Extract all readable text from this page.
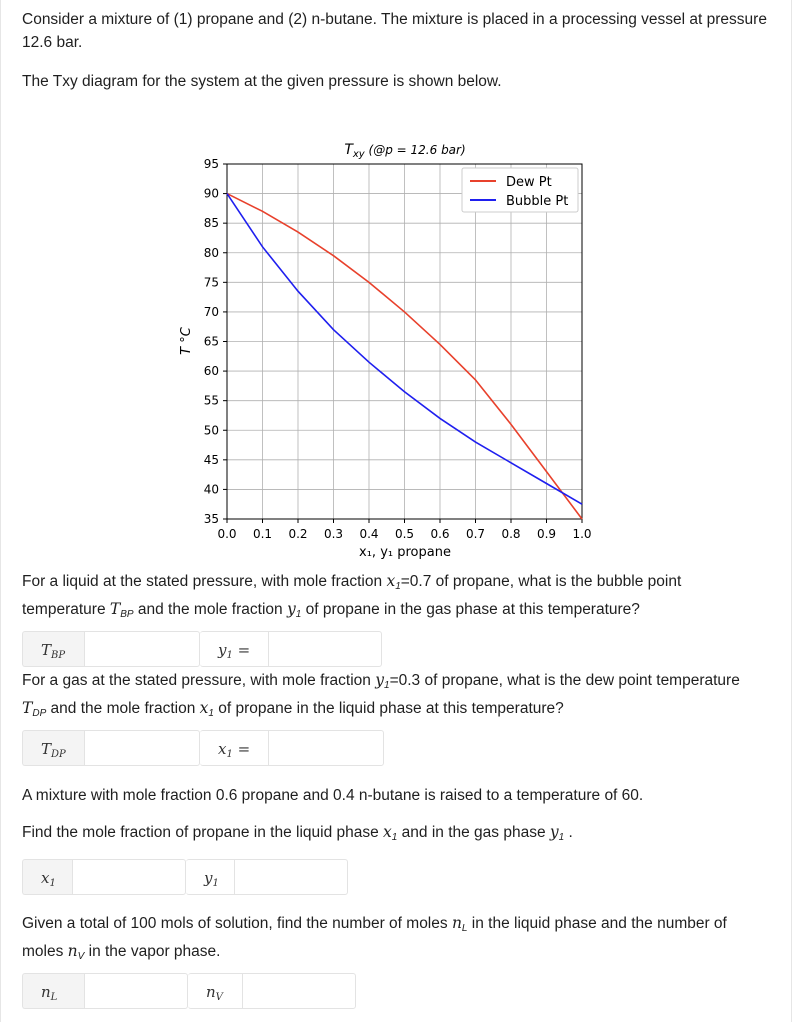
Consider a mixture of (1) propane and (2) n-butane. The mixture is placed in a processing vessel at pressure
12.6 bar.

The Txy diagram for the system at the given pressure is shown below.

95
90
85
80
75
70
65
60
55
50
45
40
35
0.0 0.1 0.2 0.3 0.4 0.5 0.6 0.7 0.8 0.9 1.0
$T_{xy}$ (@p = 12.6 bar)
x₁, y₁ propane
T °C
Dew Pt
Bubble Pt

For a liquid at the stated pressure, with mole fraction $x_1=0.7$ of propane, what is the bubble point
temperature $T_{BP}$ and the mole fraction $y_1$ of propane in the gas phase at this temperature?

$T_{BP}$	$y_1$ =

For a gas at the stated pressure, with mole fraction $y_1=0.3$ of propane, what is the dew point temperature
$T_{DP}$ and the mole fraction $x_1$ of propane in the liquid phase at this temperature?

$T_{DP}$	$x_1$ =

A mixture with mole fraction 0.6 propane and 0.4 n-butane is raised to a temperature of 60.

Find the mole fraction of propane in the liquid phase $x_1$ and in the gas phase $y_1$ .

$x_1$	$y_1$

Given a total of 100 mols of solution, find the number of moles $n_L$ in the liquid phase and the number of
moles $n_V$ in the vapor phase.

$n_L$	$n_V$
